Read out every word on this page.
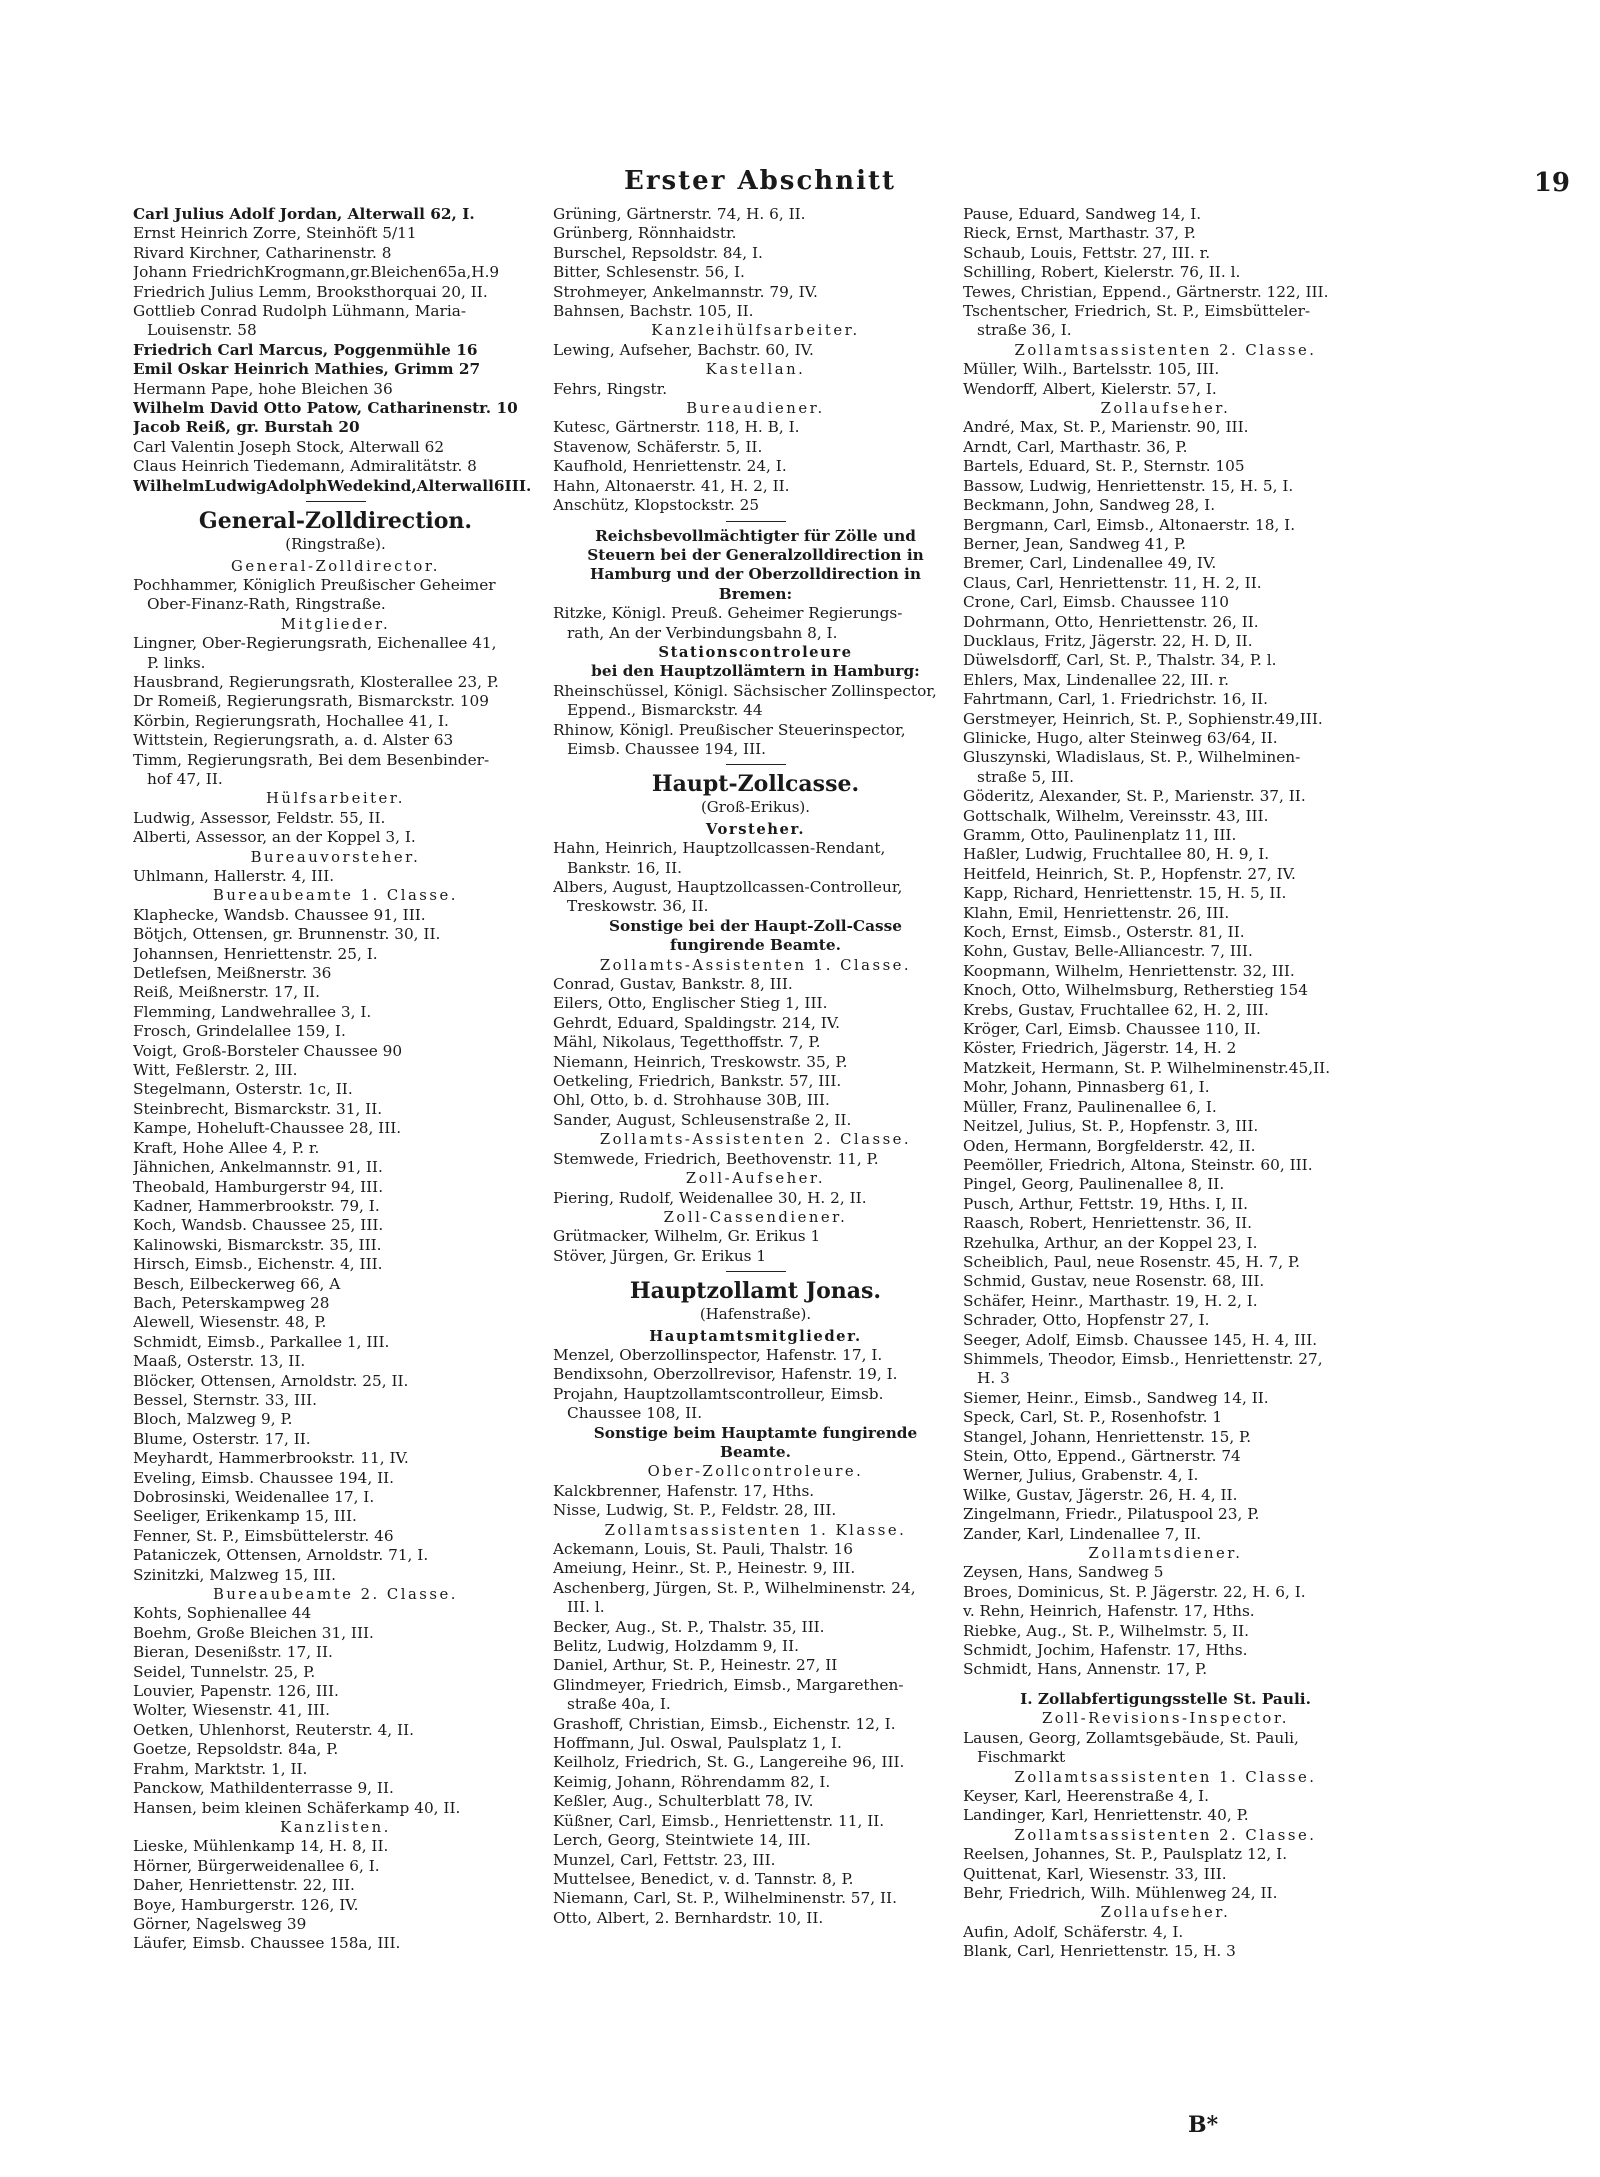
Erster Abschnitt	19
Carl Julius Adolf Jordan, Alterwall 62, I.
Ernst Heinrich Zorre, Steinhöft 5/11
Rivard Kirchner, Catharinenstr. 8
Johann FriedrichKrogmann,gr.Bleichen65a,H.9
Friedrich Julius Lemm, Brooksthorquai 20, II.
Gottlieb Conrad Rudolph Lühmann, Maria-
Louisenstr. 58
Friedrich Carl Marcus, Poggenmühle 16
Emil Oskar Heinrich Mathies, Grimm 27
Hermann Pape, hohe Bleichen 36
Wilhelm David Otto Patow, Catharinenstr. 10
Jacob Reiß, gr. Burstah 20
Carl Valentin Joseph Stock, Alterwall 62
Claus Heinrich Tiedemann, Admiralitätstr. 8
WilhelmLudwigAdolphWedekind,Alterwall6III.
General-Zolldirection.
(Ringstraße).
General-Zolldirector.
Pochhammer, Königlich Preußischer Geheimer
Ober-Finanz-Rath, Ringstraße.
Mitglieder.
Lingner, Ober-Regierungsrath, Eichenallee 41,
P. links.
Hausbrand, Regierungsrath, Klosterallee 23, P.
Dr Romeiß, Regierungsrath, Bismarckstr. 109
Körbin, Regierungsrath, Hochallee 41, I.
Wittstein, Regierungsrath, a. d. Alster 63
Timm, Regierungsrath, Bei dem Besenbinder-
hof 47, II.
Hülfsarbeiter.
Ludwig, Assessor, Feldstr. 55, II.
Alberti, Assessor, an der Koppel 3, I.
Bureauvorsteher.
Uhlmann, Hallerstr. 4, III.
Bureaubeamte 1. Classe.
Klaphecke, Wandsb. Chaussee 91, III.
Bötjch, Ottensen, gr. Brunnenstr. 30, II.
Johannsen, Henriettenstr. 25, I.
Detlefsen, Meißnerstr. 36
Reiß, Meißnerstr. 17, II.
Flemming, Landwehrallee 3, I.
Frosch, Grindelallee 159, I.
Voigt, Groß-Borsteler Chaussee 90
Witt, Feßlerstr. 2, III.
Stegelmann, Osterstr. 1c, II.
Steinbrecht, Bismarckstr. 31, II.
Kampe, Hoheluft-Chaussee 28, III.
Kraft, Hohe Allee 4, P. r.
Jähnichen, Ankelmannstr. 91, II.
Theobald, Hamburgerstr 94, III.
Kadner, Hammerbrookstr. 79, I.
Koch, Wandsb. Chaussee 25, III.
Kalinowski, Bismarckstr. 35, III.
Hirsch, Eimsb., Eichenstr. 4, III.
Besch, Eilbeckerweg 66, A
Bach, Peterskampweg 28
Alewell, Wiesenstr. 48, P.
Schmidt, Eimsb., Parkallee 1, III.
Maaß, Osterstr. 13, II.
Blöcker, Ottensen, Arnoldstr. 25, II.
Bessel, Sternstr. 33, III.
Bloch, Malzweg 9, P.
Blume, Osterstr. 17, II.
Meyhardt, Hammerbrookstr. 11, IV.
Eveling, Eimsb. Chaussee 194, II.
Dobrosinski, Weidenallee 17, I.
Seeliger, Erikenkamp 15, III.
Fenner, St. P., Eimsbüttelerstr. 46
Pataniczek, Ottensen, Arnoldstr. 71, I.
Szinitzki, Malzweg 15, III.
Bureaubeamte 2. Classe.
Kohts, Sophienallee 44
Boehm, Große Bleichen 31, III.
Bieran, Desenißstr. 17, II.
Seidel, Tunnelstr. 25, P.
Louvier, Papenstr. 126, III.
Wolter, Wiesenstr. 41, III.
Oetken, Uhlenhorst, Reuterstr. 4, II.
Goetze, Repsoldstr. 84a, P.
Frahm, Marktstr. 1, II.
Panckow, Mathildenterrasse 9, II.
Hansen, beim kleinen Schäferkamp 40, II.
Kanzlisten.
Lieske, Mühlenkamp 14, H. 8, II.
Hörner, Bürgerweidenallee 6, I.
Daher, Henriettenstr. 22, III.
Boye, Hamburgerstr. 126, IV.
Görner, Nagelsweg 39
Läufer, Eimsb. Chaussee 158a, III.
Grüning, Gärtnerstr. 74, H. 6, II.
Grünberg, Rönnhaidstr.
Burschel, Repsoldstr. 84, I.
Bitter, Schlesenstr. 56, I.
Strohmeyer, Ankelmannstr. 79, IV.
Bahnsen, Bachstr. 105, II.
Kanzleihülfsarbeiter.
Lewing, Aufseher, Bachstr. 60, IV.
Kastellan.
Fehrs, Ringstr.
Bureaudiener.
Kutesc, Gärtnerstr. 118, H. B, I.
Stavenow, Schäferstr. 5, II.
Kaufhold, Henriettenstr. 24, I.
Hahn, Altonaerstr. 41, H. 2, II.
Anschütz, Klopstockstr. 25
Reichsbevollmächtigter für Zölle und
Steuern bei der Generalzolldirection in
Hamburg und der Oberzolldirection in
Bremen:
Ritzke, Königl. Preuß. Geheimer Regierungs-
rath, An der Verbindungsbahn 8, I.
Stationscontroleure
bei den Hauptzollämtern in Hamburg:
Rheinschüssel, Königl. Sächsischer Zollinspector,
Eppend., Bismarckstr. 44
Rhinow, Königl. Preußischer Steuerinspector,
Eimsb. Chaussee 194, III.
Haupt-Zollcasse.
(Groß-Erikus).
Vorsteher.
Hahn, Heinrich, Hauptzollcassen-Rendant,
Bankstr. 16, II.
Albers, August, Hauptzollcassen-Controlleur,
Treskowstr. 36, II.
Sonstige bei der Haupt-Zoll-Casse
fungirende Beamte.
Zollamts-Assistenten 1. Classe.
Conrad, Gustav, Bankstr. 8, III.
Eilers, Otto, Englischer Stieg 1, III.
Gehrdt, Eduard, Spaldingstr. 214, IV.
Mähl, Nikolaus, Tegetthoffstr. 7, P.
Niemann, Heinrich, Treskowstr. 35, P.
Oetkeling, Friedrich, Bankstr. 57, III.
Ohl, Otto, b. d. Strohhause 30B, III.
Sander, August, Schleusenstraße 2, II.
Zollamts-Assistenten 2. Classe.
Stemwede, Friedrich, Beethovenstr. 11, P.
Zoll-Aufseher.
Piering, Rudolf, Weidenallee 30, H. 2, II.
Zoll-Cassendiener.
Grütmacker, Wilhelm, Gr. Erikus 1
Stöver, Jürgen, Gr. Erikus 1
Hauptzollamt Jonas.
(Hafenstraße).
Hauptamtsmitglieder.
Menzel, Oberzollinspector, Hafenstr. 17, I.
Bendixsohn, Oberzollrevisor, Hafenstr. 19, I.
Projahn, Hauptzollamtscontrolleur, Eimsb.
Chaussee 108, II.
Sonstige beim Hauptamte fungirende
Beamte.
Ober-Zollcontroleure.
Kalckbrenner, Hafenstr. 17, Hths.
Nisse, Ludwig, St. P., Feldstr. 28, III.
Zollamtsassistenten 1. Klasse.
Ackemann, Louis, St. Pauli, Thalstr. 16
Ameiung, Heinr., St. P., Heinestr. 9, III.
Aschenberg, Jürgen, St. P., Wilhelminenstr. 24,
III. l.
Becker, Aug., St. P., Thalstr. 35, III.
Belitz, Ludwig, Holzdamm 9, II.
Daniel, Arthur, St. P., Heinestr. 27, II
Glindmeyer, Friedrich, Eimsb., Margarethen-
straße 40a, I.
Grashoff, Christian, Eimsb., Eichenstr. 12, I.
Hoffmann, Jul. Oswal, Paulsplatz 1, I.
Keilholz, Friedrich, St. G., Langereihe 96, III.
Keimig, Johann, Röhrendamm 82, I.
Keßler, Aug., Schulterblatt 78, IV.
Küßner, Carl, Eimsb., Henriettenstr. 11, II.
Lerch, Georg, Steintwiete 14, III.
Munzel, Carl, Fettstr. 23, III.
Muttelsee, Benedict, v. d. Tannstr. 8, P.
Niemann, Carl, St. P., Wilhelminenstr. 57, II.
Otto, Albert, 2. Bernhardstr. 10, II.
Pause, Eduard, Sandweg 14, I.
Rieck, Ernst, Marthastr. 37, P.
Schaub, Louis, Fettstr. 27, III. r.
Schilling, Robert, Kielerstr. 76, II. l.
Tewes, Christian, Eppend., Gärtnerstr. 122, III.
Tschentscher, Friedrich, St. P., Eimsbütteler-
straße 36, I.
Zollamtsassistenten 2. Classe.
Müller, Wilh., Bartelsstr. 105, III.
Wendorff, Albert, Kielerstr. 57, I.
Zollaufseher.
André, Max, St. P., Marienstr. 90, III.
Arndt, Carl, Marthastr. 36, P.
Bartels, Eduard, St. P., Sternstr. 105
Bassow, Ludwig, Henriettenstr. 15, H. 5, I.
Beckmann, John, Sandweg 28, I.
Bergmann, Carl, Eimsb., Altonaerstr. 18, I.
Berner, Jean, Sandweg 41, P.
Bremer, Carl, Lindenallee 49, IV.
Claus, Carl, Henriettenstr. 11, H. 2, II.
Crone, Carl, Eimsb. Chaussee 110
Dohrmann, Otto, Henriettenstr. 26, II.
Ducklaus, Fritz, Jägerstr. 22, H. D, II.
Düwelsdorff, Carl, St. P., Thalstr. 34, P. l.
Ehlers, Max, Lindenallee 22, III. r.
Fahrtmann, Carl, 1. Friedrichstr. 16, II.
Gerstmeyer, Heinrich, St. P., Sophienstr.49,III.
Glinicke, Hugo, alter Steinweg 63/64, II.
Gluszynski, Wladislaus, St. P., Wilhelminen-
straße 5, III.
Göderitz, Alexander, St. P., Marienstr. 37, II.
Gottschalk, Wilhelm, Vereinsstr. 43, III.
Gramm, Otto, Paulinenplatz 11, III.
Haßler, Ludwig, Fruchtallee 80, H. 9, I.
Heitfeld, Heinrich, St. P., Hopfenstr. 27, IV.
Kapp, Richard, Henriettenstr. 15, H. 5, II.
Klahn, Emil, Henriettenstr. 26, III.
Koch, Ernst, Eimsb., Osterstr. 81, II.
Kohn, Gustav, Belle-Alliancestr. 7, III.
Koopmann, Wilhelm, Henriettenstr. 32, III.
Knoch, Otto, Wilhelmsburg, Retherstieg 154
Krebs, Gustav, Fruchtallee 62, H. 2, III.
Kröger, Carl, Eimsb. Chaussee 110, II.
Köster, Friedrich, Jägerstr. 14, H. 2
Matzkeit, Hermann, St. P. Wilhelminenstr.45,II.
Mohr, Johann, Pinnasberg 61, I.
Müller, Franz, Paulinenallee 6, I.
Neitzel, Julius, St. P., Hopfenstr. 3, III.
Oden, Hermann, Borgfelderstr. 42, II.
Peemöller, Friedrich, Altona, Steinstr. 60, III.
Pingel, Georg, Paulinenallee 8, II.
Pusch, Arthur, Fettstr. 19, Hths. I, II.
Raasch, Robert, Henriettenstr. 36, II.
Rzehulka, Arthur, an der Koppel 23, I.
Scheiblich, Paul, neue Rosenstr. 45, H. 7, P.
Schmid, Gustav, neue Rosenstr. 68, III.
Schäfer, Heinr., Marthastr. 19, H. 2, I.
Schrader, Otto, Hopfenstr 27, I.
Seeger, Adolf, Eimsb. Chaussee 145, H. 4, III.
Shimmels, Theodor, Eimsb., Henriettenstr. 27,
H. 3
Siemer, Heinr., Eimsb., Sandweg 14, II.
Speck, Carl, St. P., Rosenhofstr. 1
Stangel, Johann, Henriettenstr. 15, P.
Stein, Otto, Eppend., Gärtnerstr. 74
Werner, Julius, Grabenstr. 4, I.
Wilke, Gustav, Jägerstr. 26, H. 4, II.
Zingelmann, Friedr., Pilatuspool 23, P.
Zander, Karl, Lindenallee 7, II.
Zollamtsdiener.
Zeysen, Hans, Sandweg 5
Broes, Dominicus, St. P. Jägerstr. 22, H. 6, I.
v. Rehn, Heinrich, Hafenstr. 17, Hths.
Riebke, Aug., St. P., Wilhelmstr. 5, II.
Schmidt, Jochim, Hafenstr. 17, Hths.
Schmidt, Hans, Annenstr. 17, P.
I. Zollabfertigungsstelle St. Pauli.
Zoll-Revisions-Inspector.
Lausen, Georg, Zollamtsgebäude, St. Pauli,
Fischmarkt
Zollamtsassistenten 1. Classe.
Keyser, Karl, Heerenstraße 4, I.
Landinger, Karl, Henriettenstr. 40, P.
Zollamtsassistenten 2. Classe.
Reelsen, Johannes, St. P., Paulsplatz 12, I.
Quittenat, Karl, Wiesenstr. 33, III.
Behr, Friedrich, Wilh. Mühlenweg 24, II.
Zollaufseher.
Aufin, Adolf, Schäferstr. 4, I.
Blank, Carl, Henriettenstr. 15, H. 3
B*
